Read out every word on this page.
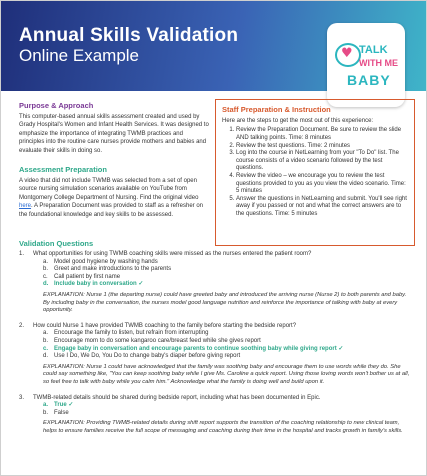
Annual Skills Validation
Online Example
♥	TALK
WITH ME
BABY
Purpose & Approach
This computer-based annual skills assessment created and used by Grady Hospital's Women and Infant Health Services. It was designed to emphasize the importance of integrating TWMB practices and principles into the routine care nurses provide mothers and babies and evaluate their skills in doing so.
Assessment Preparation
A video that did not include TWMB was selected from a set of open source nursing simulation scenarios available on YouTube from Montgomery College Department of Nursing. Find the original video here. A Preparation Document was provided to staff as a refresher on the foundational knowledge and key skills to be assessed.
Staff Preparation & Instruction
Here are the steps to get the most out of this experience:
1. Review the Preparation Document. Be sure to review the slide AND talking points. Time: 8 minutes
2. Review the test questions. Time: 2 minutes
3. Log into the course in NetLearning from your "To Do" list. The course consists of a video scenario followed by the test questions.
4. Review the video – we encourage you to review the test questions provided to you as you view the video scenario. Time: 5 minutes
5. Answer the questions in NetLearning and submit. You'll see right away if you passed or not and what the correct answers are to the questions. Time: 5 minutes
Validation Questions
1. What opportunities for using TWMB coaching skills were missed as the nurses entered the patient room?
a. Model good hygiene by washing hands
b. Greet and make introductions to the parents
c. Call patient by first name
d. Include baby in conversation ✓
EXPLANATION: Nurse 1 (the departing nurse) could have greeted baby and introduced the arriving nurse (Nurse 2) to both parents and baby. By including baby in the conversation, the nurses model good language nutrition and reinforce the importance of talking with baby at every opportunity.
2. How could Nurse 1 have provided TWMB coaching to the family before starting the bedside report?
a. Encourage the family to listen, but refrain from interrupting
b. Encourage mom to do some kangaroo care/breast feed while she gives report
c. Engage baby in conversation and encourage parents to continue soothing baby while giving report ✓
d. Use I Do, We Do, You Do to change baby's diaper before giving report
EXPLANATION: Nurse 1 could have acknowledged that the family was soothing baby and encourage them to use words while they do. She could say something like, "You can keep soothing baby while I give Ms. Caroline a quick report. Using those loving words won't bother us at all, so feel free to talk with baby while you calm him." Acknowledge what the family is doing well and build upon it.
3. TWMB-related details should be shared during bedside report, including what has been documented in Epic.
a. True ✓
b. False
EXPLANATION: Providing TWMB-related details during shift report supports the transition of the coaching relationship to new clinical team, helps to ensure families receive the full scope of messaging and coaching during their time in the hospital and tracks growth in family's skills.
